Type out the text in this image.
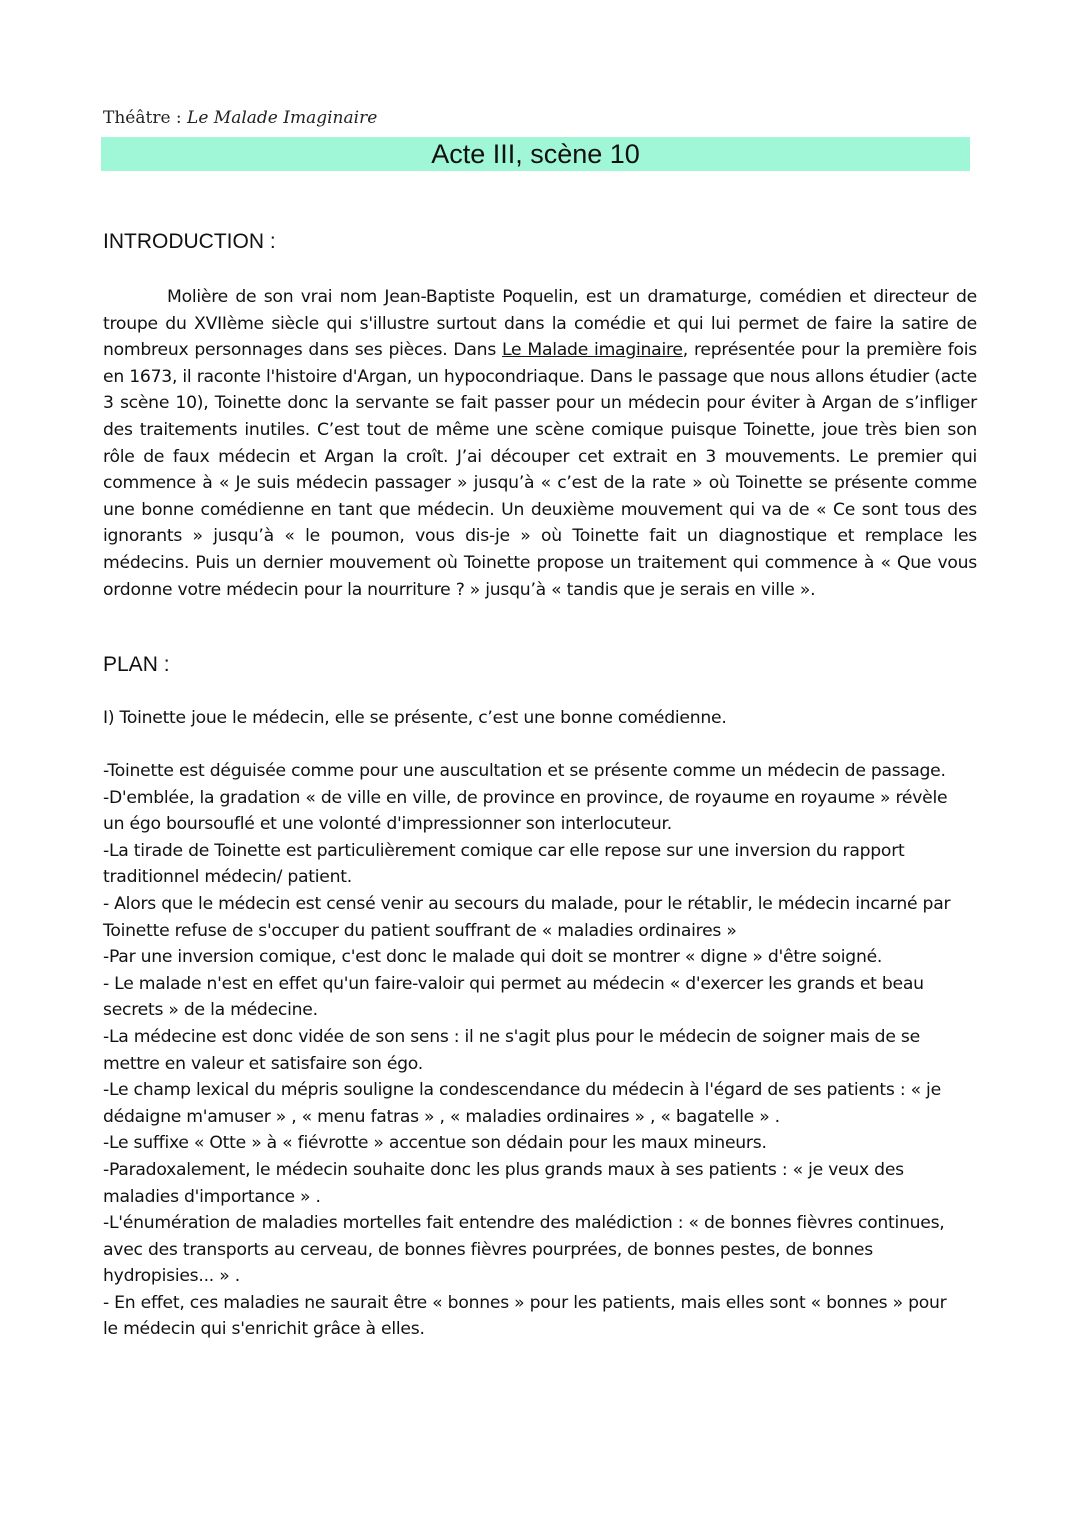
Théâtre : Le Malade Imaginaire
Acte III, scène 10
INTRODUCTION :

Molière de son vrai nom Jean-Baptiste Poquelin, est un dramaturge, comédien et directeur de troupe du XVIIème siècle qui s'illustre surtout dans la comédie et qui lui permet de faire la satire de nombreux personnages dans ses pièces. Dans Le Malade imaginaire, représentée pour la première fois en 1673, il raconte l'histoire d'Argan, un hypocondriaque. Dans le passage que nous allons étudier (acte 3 scène 10), Toinette donc la servante se fait passer pour un médecin pour éviter à Argan de s’infliger des traitements inutiles. C’est tout de même une scène comique puisque Toinette, joue très bien son rôle de faux médecin et Argan la croît. J’ai découper cet extrait en 3 mouvements. Le premier qui commence à « Je suis médecin passager » jusqu’à « c’est de la rate » où Toinette se présente comme une bonne comédienne en tant que médecin. Un deuxième mouvement qui va de « Ce sont tous des ignorants » jusqu’à « le poumon, vous dis-je » où Toinette fait un diagnostique et remplace les médecins. Puis un dernier mouvement où Toinette propose un traitement qui commence à « Que vous ordonne votre médecin pour la nourriture ? » jusqu’à « tandis que je serais en ville ».

PLAN :

I) Toinette joue le médecin, elle se présente, c’est une bonne comédienne.

-Toinette est déguisée comme pour une auscultation et se présente comme un médecin de passage.
-D'emblée, la gradation « de ville en ville, de province en province, de royaume en royaume » révèle un égo boursouflé et une volonté d'impressionner son interlocuteur.
-La tirade de Toinette est particulièrement comique car elle repose sur une inversion du rapport traditionnel médecin/ patient.
- Alors que le médecin est censé venir au secours du malade, pour le rétablir, le médecin incarné par Toinette refuse de s'occuper du patient souffrant de « maladies ordinaires »
-Par une inversion comique, c'est donc le malade qui doit se montrer « digne » d'être soigné.
- Le malade n'est en effet qu'un faire-valoir qui permet au médecin « d'exercer les grands et beau secrets » de la médecine.
-La médecine est donc vidée de son sens : il ne s'agit plus pour le médecin de soigner mais de se mettre en valeur et satisfaire son égo.
-Le champ lexical du mépris souligne la condescendance du médecin à l'égard de ses patients : « je dédaigne m'amuser » , « menu fatras » , « maladies ordinaires » , « bagatelle » .
-Le suffixe « Otte » à « fiévrotte » accentue son dédain pour les maux mineurs.
-Paradoxalement, le médecin souhaite donc les plus grands maux à ses patients : « je veux des maladies d'importance » .
-L'énumération de maladies mortelles fait entendre des malédiction : « de bonnes fièvres continues, avec des transports au cerveau, de bonnes fièvres pourprées, de bonnes pestes, de bonnes hydropisies... » .
- En effet, ces maladies ne saurait être « bonnes » pour les patients, mais elles sont « bonnes » pour le médecin qui s'enrichit grâce à elles.
